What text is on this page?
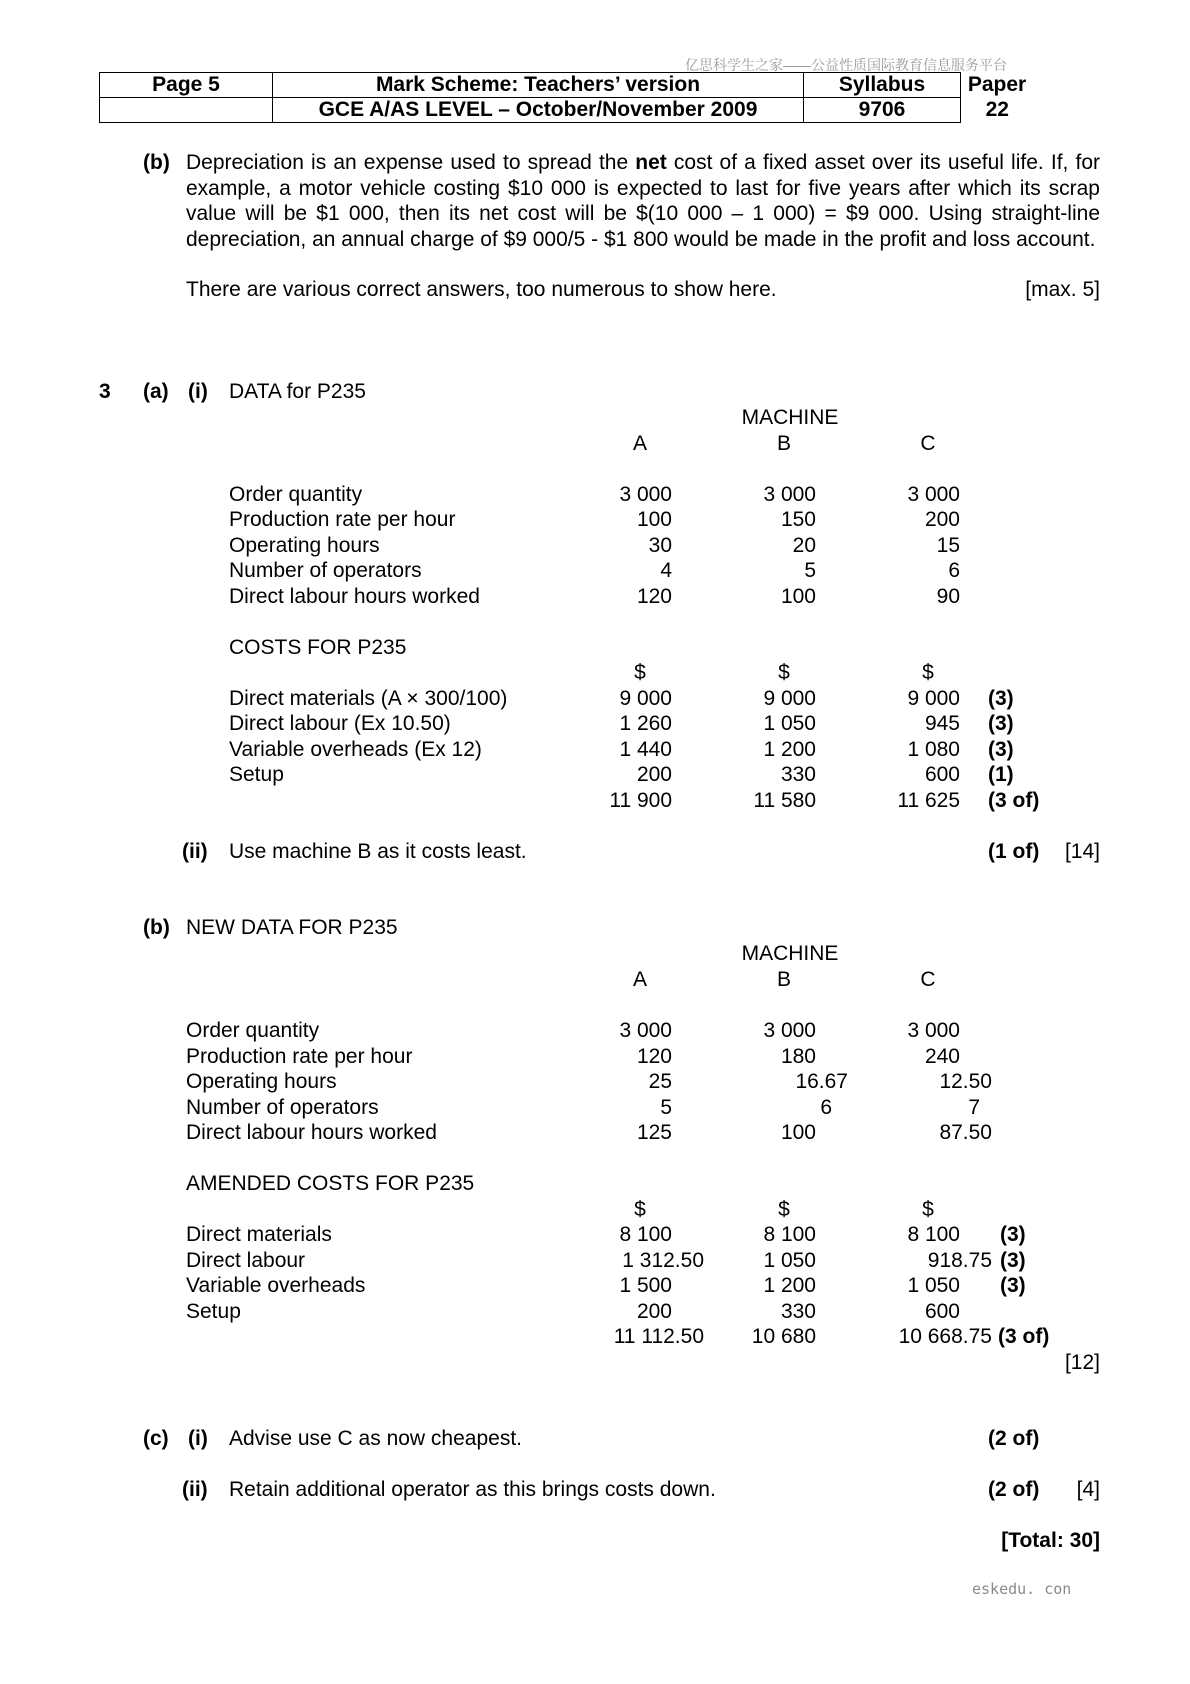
亿思科学生之家——公益性质国际教育信息服务平台
Page 5	Mark Scheme: Teachers’ version	Syllabus	Paper
	GCE A/AS LEVEL – October/November 2009	9706	22
(b) Depreciation is an expense used to spread the net cost of a fixed asset over its useful life. If, for example, a motor vehicle costing $10 000 is expected to last for five years after which its scrap value will be $1 000, then its net cost will be $(10 000 – 1 000) = $9 000. Using straight-line depreciation, an annual charge of $9 000/5 - $1 800 would be made in the profit and loss account.
There are various correct answers, too numerous to show here.	[max. 5]
3 (a) (i) DATA for P235
MACHINE
A	B	C
Order quantity	3 000	3 000	3 000
Production rate per hour	100	150	200
Operating hours	30	20	15
Number of operators	4	5	6
Direct labour hours worked	120	100	90
COSTS FOR P235
$	$	$
Direct materials (A × 300/100)	9 000	9 000	9 000 (3)
Direct labour (Ex 10.50)	1 260	1 050	945 (3)
Variable overheads (Ex 12)	1 440	1 200	1 080 (3)
Setup	200	330	600 (1)
11 900	11 580	11 625 (3 of)
(ii) Use machine B as it costs least.	(1 of)	[14]
(b) NEW DATA FOR P235
MACHINE
A	B	C
Order quantity	3 000	3 000	3 000
Production rate per hour	120	180	240
Operating hours	25	16.67	12.50
Number of operators	5	6	7
Direct labour hours worked	125	100	87.50
AMENDED COSTS FOR P235
$	$	$
Direct materials	8 100	8 100	8 100 (3)
Direct labour	1 312.50	1 050	918.75 (3)
Variable overheads	1 500	1 200	1 050 (3)
Setup	200	330	600
11 112.50	10 680	10 668.75 (3 of)
[12]
(c) (i) Advise use C as now cheapest.	(2 of)
(ii) Retain additional operator as this brings costs down.	(2 of)	[4]
[Total: 30]
eskedu. con
